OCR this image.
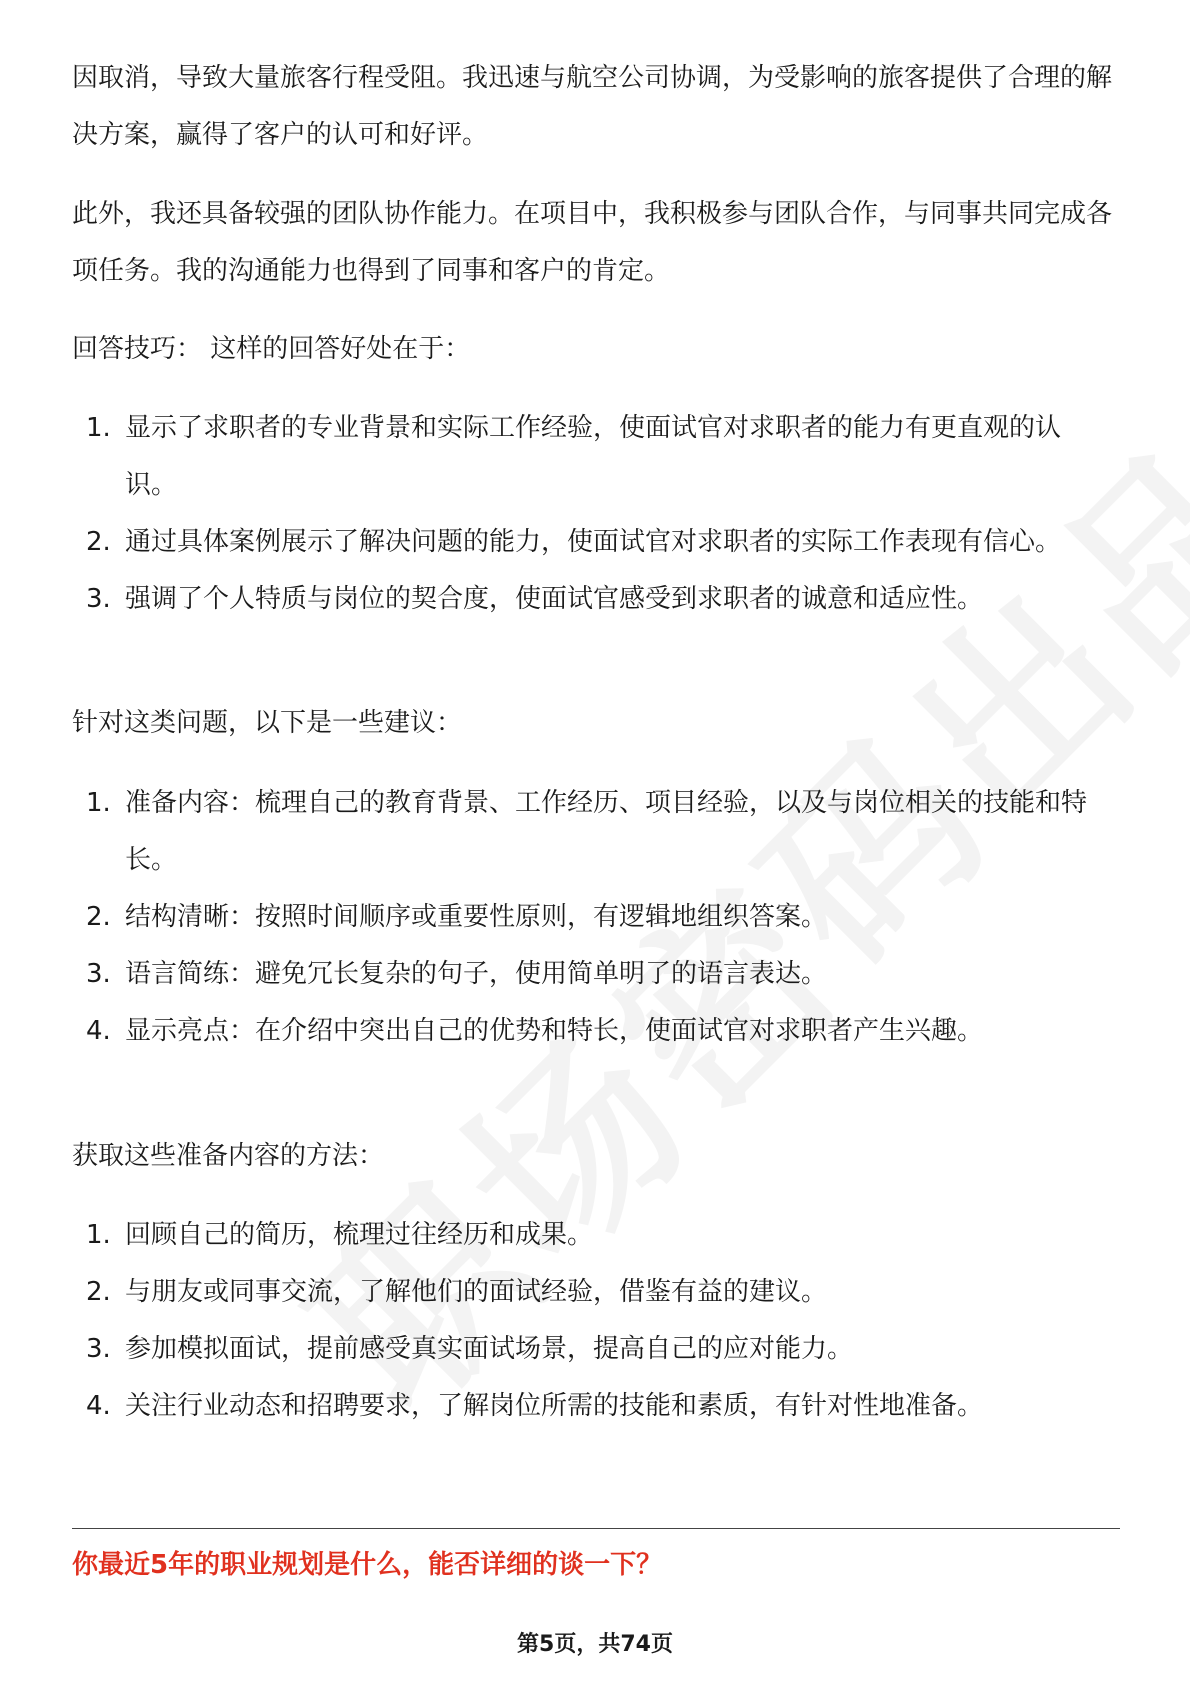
因取消，导致大量旅客行程受阻。我迅速与航空公司协调，为受影响的旅客提供了合理的解决方案，赢得了客户的认可和好评。

此外，我还具备较强的团队协作能力。在项目中，我积极参与团队合作，与同事共同完成各项任务。我的沟通能力也得到了同事和客户的肯定。

回答技巧： 这样的回答好处在于：

1. 显示了求职者的专业背景和实际工作经验，使面试官对求职者的能力有更直观的认识。
2. 通过具体案例展示了解决问题的能力，使面试官对求职者的实际工作表现有信心。
3. 强调了个人特质与岗位的契合度，使面试官感受到求职者的诚意和适应性。

针对这类问题，以下是一些建议：

1. 准备内容：梳理自己的教育背景、工作经历、项目经验，以及与岗位相关的技能和特长。
2. 结构清晰：按照时间顺序或重要性原则，有逻辑地组织答案。
3. 语言简练：避免冗长复杂的句子，使用简单明了的语言表达。
4. 显示亮点：在介绍中突出自己的优势和特长，使面试官对求职者产生兴趣。

获取这些准备内容的方法：

1. 回顾自己的简历，梳理过往经历和成果。
2. 与朋友或同事交流，了解他们的面试经验，借鉴有益的建议。
3. 参加模拟面试，提前感受真实面试场景，提高自己的应对能力。
4. 关注行业动态和招聘要求，了解岗位所需的技能和素质，有针对性地准备。

你最近5年的职业规划是什么，能否详细的谈一下？

第5页，共74页
